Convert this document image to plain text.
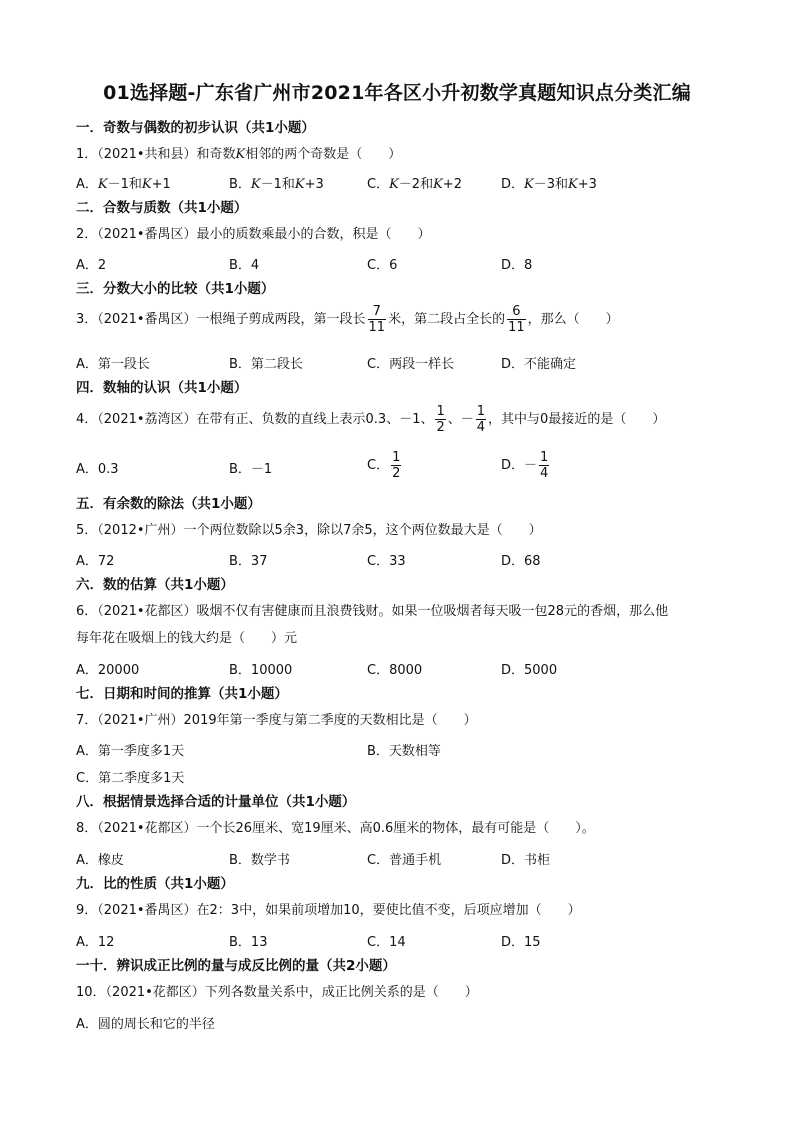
01选择题-广东省广州市2021年各区小升初数学真题知识点分类汇编
一．奇数与偶数的初步认识（共1小题）
1．（2021•共和县）和奇数K相邻的两个奇数是（　　）
A．K－1和K+1	B．K－1和K+3	C．K－2和K+2	D．K－3和K+3
二．合数与质数（共1小题）
2．（2021•番禺区）最小的质数乘最小的合数，积是（　　）
A．2	B．4	C．6	D．8
三．分数大小的比较（共1小题）
3．（2021•番禺区）一根绳子剪成两段，第一段长 $\frac{7}{11}$ 米，第二段占全长的 $\frac{6}{11}$ ，那么（　　）
A．第一段长	B．第二段长	C．两段一样长	D．不能确定
四．数轴的认识（共1小题）
4．（2021•荔湾区）在带有正、负数的直线上表示0.3、－1、 $\frac{1}{2}$ 、－ $\frac{1}{4}$ ，其中与0最接近的是（　　）
A．0.3	B．－1	C． $\frac{1}{2}$	D．－ $\frac{1}{4}$
五．有余数的除法（共1小题）
5．（2012•广州）一个两位数除以5余3，除以7余5，这个两位数最大是（　　）
A．72	B．37	C．33	D．68
六．数的估算（共1小题）
6．（2021•花都区）吸烟不仅有害健康而且浪费钱财。如果一位吸烟者每天吸一包28元的香烟，那么他
每年花在吸烟上的钱大约是（　　）元
A．20000	B．10000	C．8000	D．5000
七．日期和时间的推算（共1小题）
7．（2021•广州）2019年第一季度与第二季度的天数相比是（　　）
A．第一季度多1天	B．天数相等
C．第二季度多1天
八．根据情景选择合适的计量单位（共1小题）
8．（2021•花都区）一个长26厘米、宽19厘米、高0.6厘米的物体，最有可能是（　　）。
A．橡皮	B．数学书	C．普通手机	D．书柜
九．比的性质（共1小题）
9．（2021•番禺区）在2：3中，如果前项增加10，要使比值不变，后项应增加（　　）
A．12	B．13	C．14	D．15
一十．辨识成正比例的量与成反比例的量（共2小题）
10．（2021•花都区）下列各数量关系中，成正比例关系的是（　　）
A．圆的周长和它的半径
